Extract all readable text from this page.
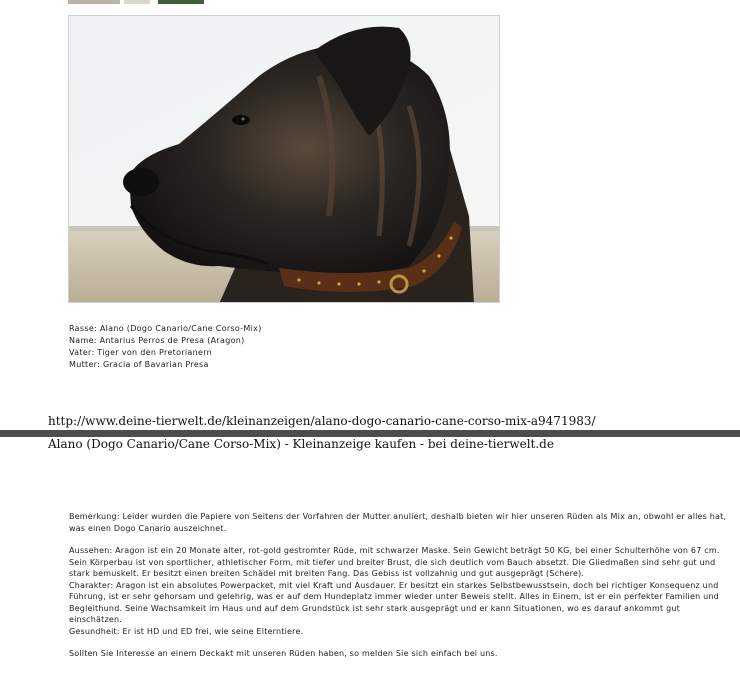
Rasse: Alano (Dogo Canario/Cane Corso-Mix)
Name: Antarius Perros de Presa (Aragon)
Vater: Tiger von den Pretorianern
Mutter: Gracia of Bavarian Presa
http://www.deine-tierwelt.de/kleinanzeigen/alano-dogo-canario-cane-corso-mix-a9471983/
Alano (Dogo Canario/Cane Corso-Mix) - Kleinanzeige kaufen - bei deine-tierwelt.de

Bemerkung: Leider wurden die Papiere von Seitens der Vorfahren der Mutter anuliert, deshalb bieten wir hier unseren Rüden als Mix an, obwohl er alles hat, was einen Dogo Canario auszeichnet.

Aussehen: Aragon ist ein 20 Monate alter, rot-gold gestromter Rüde, mit schwarzer Maske. Sein Gewicht beträgt 50 KG, bei einer Schulterhöhe von 67 cm. Sein Körperbau ist von sportlicher, athletischer Form, mit tiefer und breiter Brust, die sich deutlich vom Bauch absetzt. Die Gliedmaßen sind sehr gut und stark bemuskelt. Er besitzt einen breiten Schädel mit breiten Fang. Das Gebiss ist vollzahnig und gut ausgeprägt (Schere).

Charakter: Aragon ist ein absolutes Powerpacket, mit viel Kraft und Ausdauer. Er besitzt ein starkes Selbstbewusstsein, doch bei richtiger Konsequenz und Führung, ist er sehr gehorsam und gelehrig, was er auf dem Hundeplatz immer wieder unter Beweis stellt. Alles in Einem, ist er ein perfekter Familien und Begleithund. Seine Wachsamkeit im Haus und auf dem Grundstück ist sehr stark ausgeprägt und er kann Situationen, wo es darauf ankommt gut einschätzen.

Gesundheit: Er ist HD und ED frei, wie seine Elterntiere.

Sollten Sie Interesse an einem Deckakt mit unseren Rüden haben, so melden Sie sich einfach bei uns.
